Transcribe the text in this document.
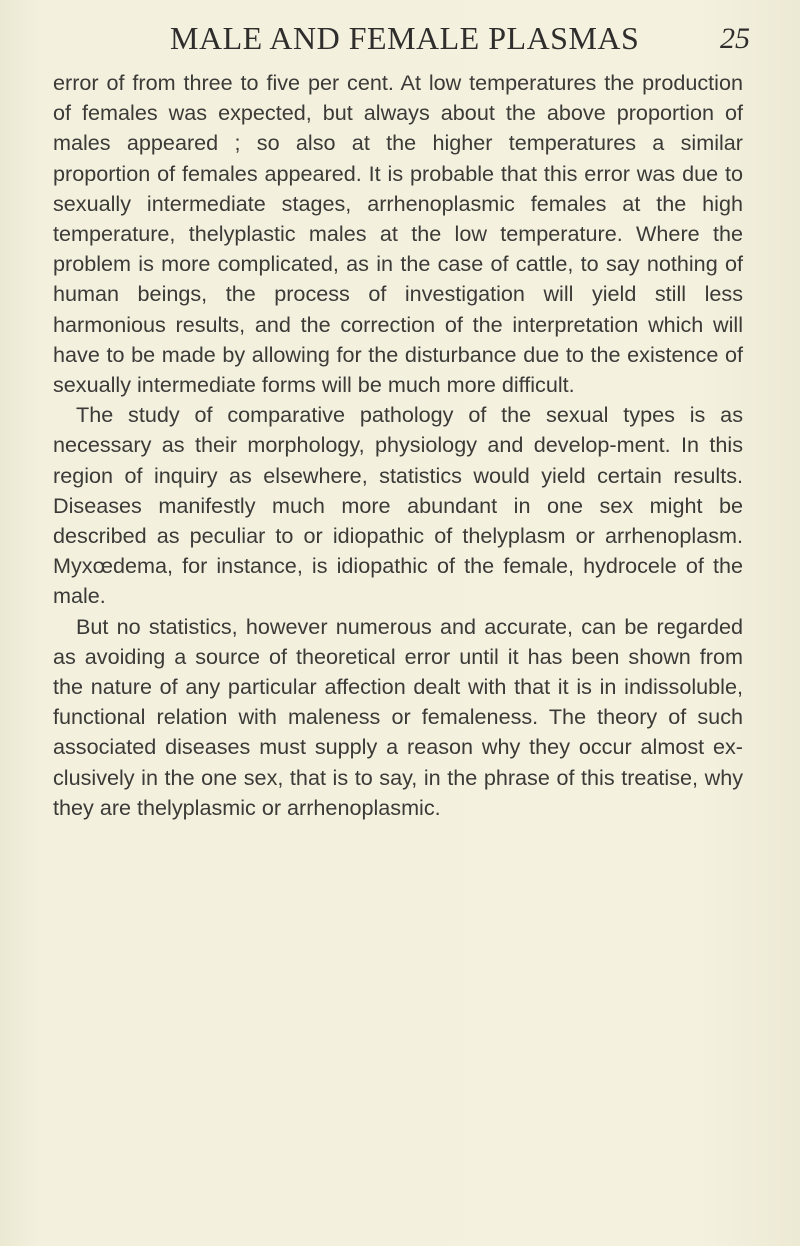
MALE AND FEMALE PLASMAS	25

error of from three to five per cent. At low temperatures the production of females was expected, but always about the above proportion of males appeared ; so also at the higher temperatures a similar proportion of females appeared. It is probable that this error was due to sexually intermediate stages, arrhenoplasmic females at the high temperature, thelyplastic males at the low temperature. Where the problem is more complicated, as in the case of cattle, to say nothing of human beings, the process of investigation will yield still less harmonious results, and the correction of the interpretation which will have to be made by allowing for the disturbance due to the existence of sexually intermediate forms will be much more difficult.

The study of comparative pathology of the sexual types is as necessary as their morphology, physiology and develop-ment. In this region of inquiry as elsewhere, statistics would yield certain results. Diseases manifestly much more abundant in one sex might be described as peculiar to or idiopathic of thelyplasm or arrhenoplasm. Myxœdema, for instance, is idiopathic of the female, hydrocele of the male.

But no statistics, however numerous and accurate, can be regarded as avoiding a source of theoretical error until it has been shown from the nature of any particular affection dealt with that it is in indissoluble, functional relation with maleness or femaleness. The theory of such associated diseases must supply a reason why they occur almost ex-clusively in the one sex, that is to say, in the phrase of this treatise, why they are thelyplasmic or arrhenoplasmic.
